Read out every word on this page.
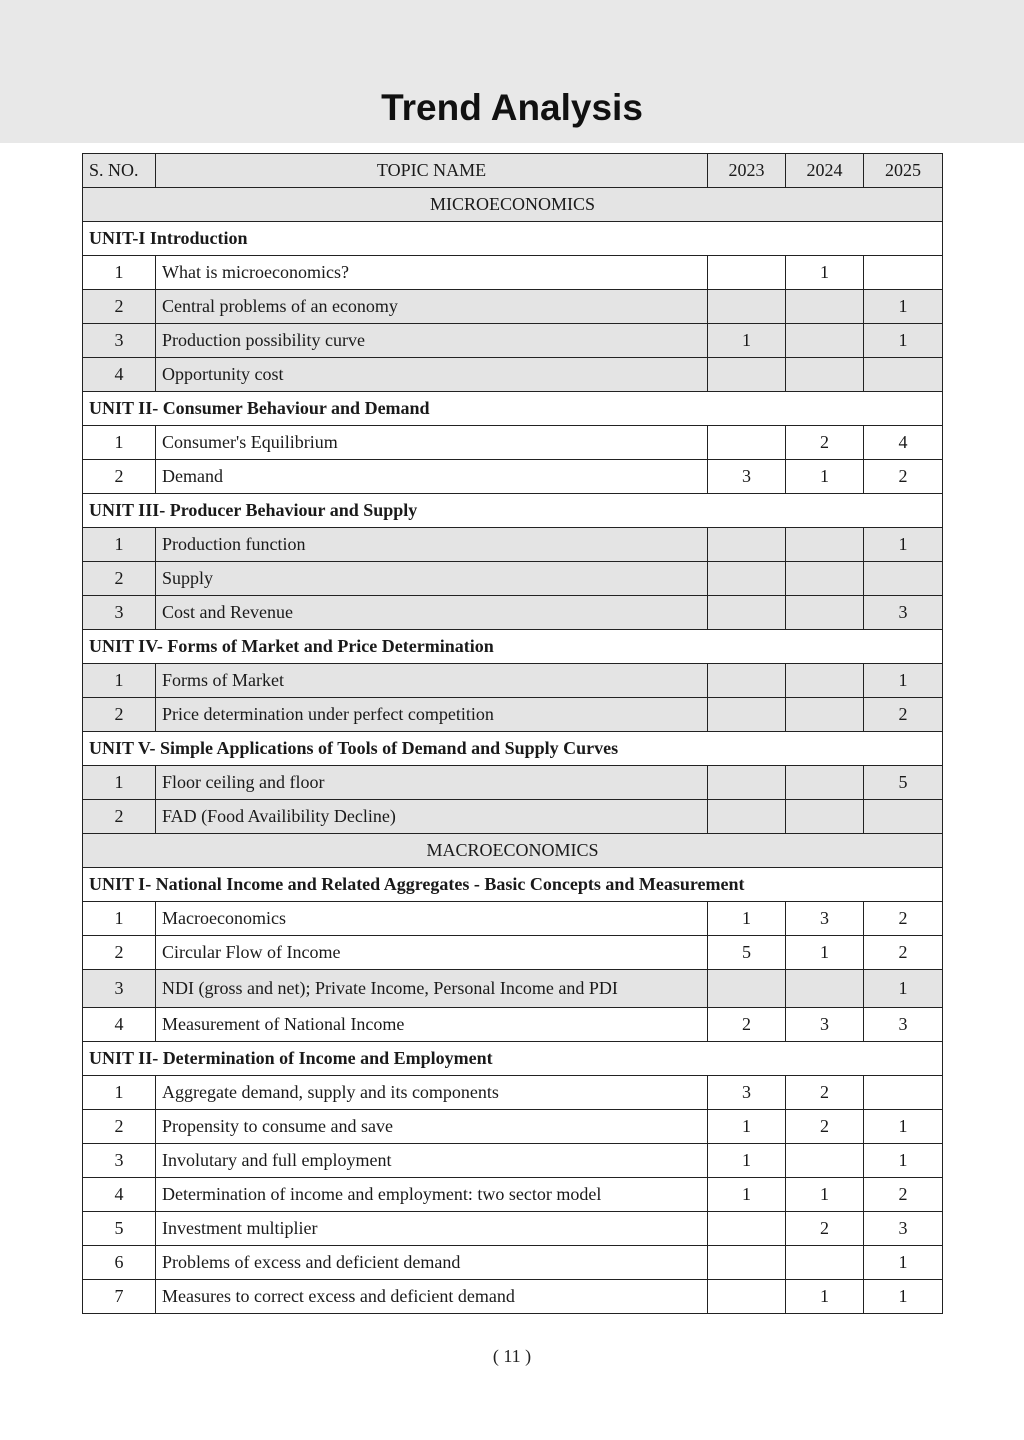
Trend Analysis
S. NO.	TOPIC NAME	2023	2024	2025
MICROECONOMICS				
UNIT-I Introduction				
1	What is microeconomics?		1	
2	Central problems of an economy			1
3	Production possibility curve	1		1
4	Opportunity cost			
UNIT II- Consumer Behaviour and Demand				
1	Consumer's Equilibrium		2	4
2	Demand	3	1	2
UNIT III- Producer Behaviour and Supply				
1	Production function			1
2	Supply			
3	Cost and Revenue			3
UNIT IV- Forms of Market and Price Determination				
1	Forms of Market			1
2	Price determination under perfect competition			2
UNIT V- Simple Applications of Tools of Demand and Supply Curves				
1	Floor ceiling and floor			5
2	FAD (Food Availibility Decline)			
MACROECONOMICS				
UNIT I- National Income and Related Aggregates - Basic Concepts and Measurement				
1	Macroeconomics	1	3	2
2	Circular Flow of Income	5	1	2
3	NDI (gross and net); Private Income, Personal Income and PDI			1
4	Measurement of National Income	2	3	3
UNIT II- Determination of Income and Employment				
1	Aggregate demand, supply and its components	3	2	
2	Propensity to consume and save	1	2	1
3	Involutary and full employment	1		1
4	Determination of income and employment: two sector model	1	1	2
5	Investment multiplier		2	3
6	Problems of excess and deficient demand			1
7	Measures to correct excess and deficient demand		1	1
( 11 )
